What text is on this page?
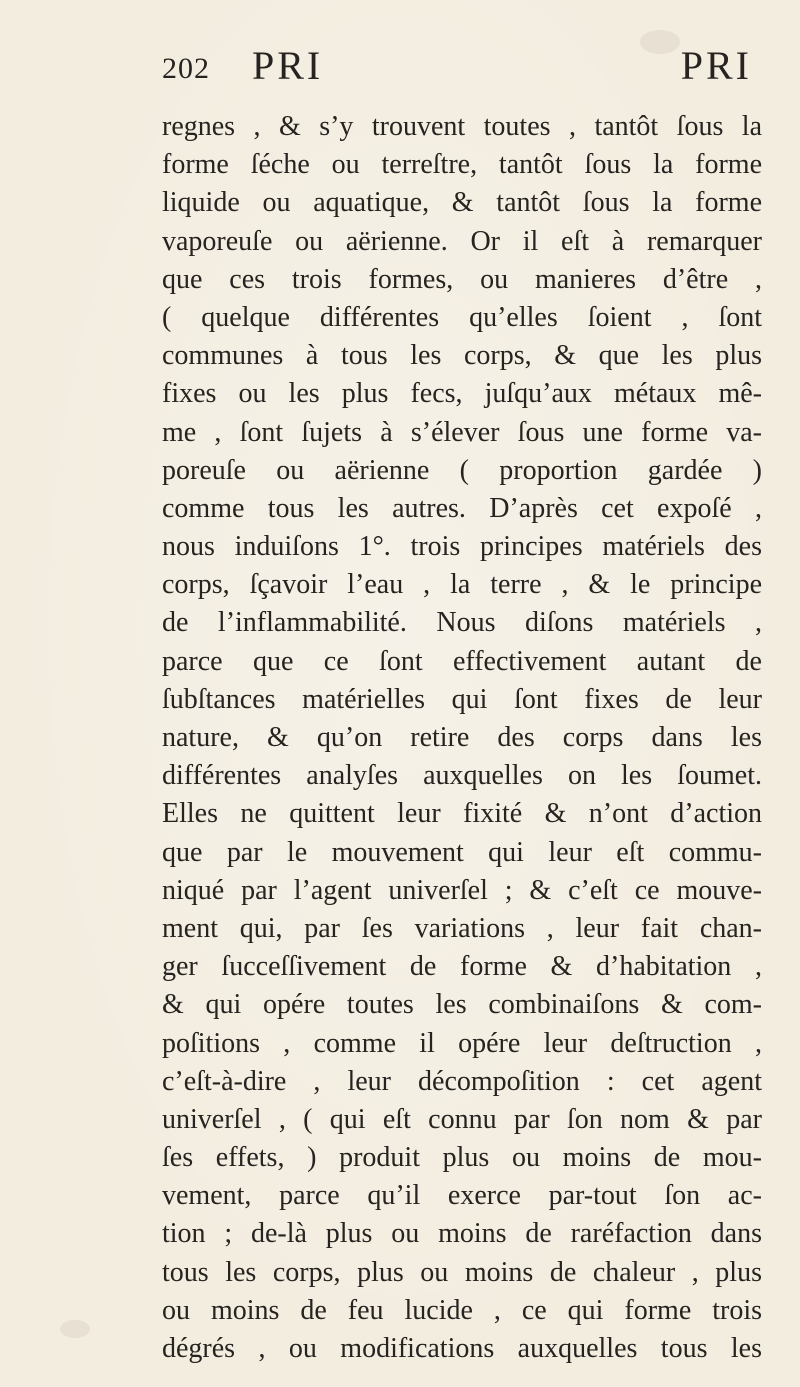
202 PRI	PRI
regnes , & s’y trouvent toutes , tantôt ſous la
forme ſéche ou terreſtre, tantôt ſous la forme
liquide ou aquatique, & tantôt ſous la forme
vaporeuſe ou aërienne. Or il eſt à remarquer
que ces trois formes, ou manieres d’être ,
( quelque différentes qu’elles ſoient , ſont
communes à tous les corps, & que les plus
fixes ou les plus fecs, juſqu’aux métaux mê-
me , ſont ſujets à s’élever ſous une forme va-
poreuſe ou aërienne ( proportion gardée )
comme tous les autres. D’après cet expoſé ,
nous induiſons 1°. trois principes matériels des
corps, ſçavoir l’eau , la terre , & le principe
de l’inflammabilité. Nous diſons matériels ,
parce que ce ſont effectivement autant de
ſubſtances matérielles qui ſont fixes de leur
nature, & qu’on retire des corps dans les
différentes analyſes auxquelles on les ſoumet.
Elles ne quittent leur fixité & n’ont d’action
que par le mouvement qui leur eſt commu-
niqué par l’agent univerſel ; & c’eſt ce mouve-
ment qui, par ſes variations , leur fait chan-
ger ſucceſſivement de forme & d’habitation ,
& qui opére toutes les combinaiſons & com-
poſitions , comme il opére leur deſtruction ,
c’eſt-à-dire , leur décompoſition : cet agent
univerſel , ( qui eſt connu par ſon nom & par
ſes effets, ) produit plus ou moins de mou-
vement, parce qu’il exerce par-tout ſon ac-
tion ; de-là plus ou moins de raréfaction dans
tous les corps, plus ou moins de chaleur , plus
ou moins de feu lucide , ce qui forme trois
dégrés , ou modifications auxquelles tous les
